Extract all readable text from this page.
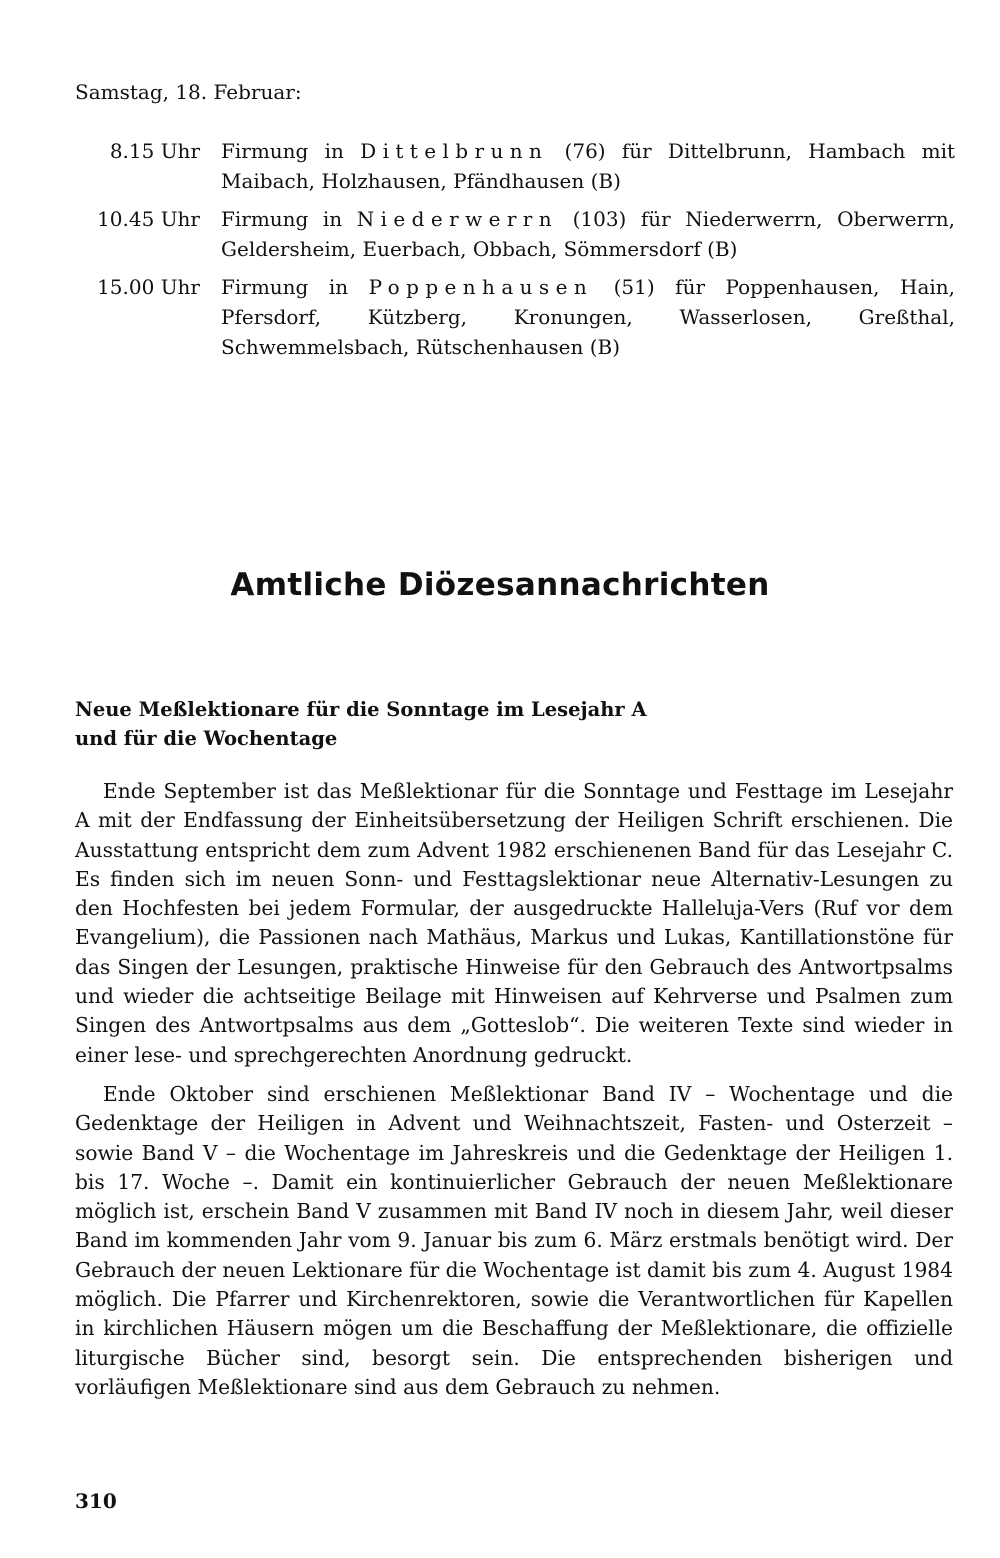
Samstag, 18. Februar:
8.15 Uhr	Firmung in Dittelbrunn (76) für Dittelbrunn, Hambach mit Maibach, Holzhausen, Pfändhausen (B)
10.45 Uhr	Firmung in Niederwerrn (103) für Niederwerrn, Oberwerrn, Geldersheim, Euerbach, Obbach, Sömmersdorf (B)
15.00 Uhr	Firmung in Poppenhausen (51) für Poppenhausen, Hain, Pfersdorf, Kützberg, Kronungen, Wasserlosen, Greßthal, Schwemmelsbach, Rütschenhausen (B)
Amtliche Diözesannachrichten
Neue Meßlektionare für die Sonntage im Lesejahr A
und für die Wochentage

Ende September ist das Meßlektionar für die Sonntage und Festtage im Lesejahr A mit der Endfassung der Einheitsübersetzung der Heiligen Schrift erschienen. Die Ausstattung entspricht dem zum Advent 1982 erschienenen Band für das Lesejahr C. Es finden sich im neuen Sonn- und Festtagslektionar neue Alternativ-Lesungen zu den Hochfesten bei jedem Formular, der ausgedruckte Halleluja-Vers (Ruf vor dem Evangelium), die Passionen nach Mathäus, Markus und Lukas, Kantillationstöne für das Singen der Lesungen, praktische Hinweise für den Gebrauch des Antwortpsalms und wieder die achtseitige Beilage mit Hinweisen auf Kehrverse und Psalmen zum Singen des Antwortpsalms aus dem „Gotteslob“. Die weiteren Texte sind wieder in einer lese- und sprechgerechten Anordnung gedruckt.

Ende Oktober sind erschienen Meßlektionar Band IV – Wochentage und die Gedenktage der Heiligen in Advent und Weihnachtszeit, Fasten- und Osterzeit – sowie Band V – die Wochentage im Jahreskreis und die Gedenktage der Heiligen 1. bis 17. Woche –. Damit ein kontinuierlicher Gebrauch der neuen Meßlektionare möglich ist, erschein Band V zusammen mit Band IV noch in diesem Jahr, weil dieser Band im kommenden Jahr vom 9. Januar bis zum 6. März erstmals benötigt wird. Der Gebrauch der neuen Lektionare für die Wochentage ist damit bis zum 4. August 1984 möglich. Die Pfarrer und Kirchenrektoren, sowie die Verantwortlichen für Kapellen in kirchlichen Häusern mögen um die Beschaffung der Meßlektionare, die offizielle liturgische Bücher sind, besorgt sein. Die entsprechenden bisherigen und vorläufigen Meßlektionare sind aus dem Gebrauch zu nehmen.

310
